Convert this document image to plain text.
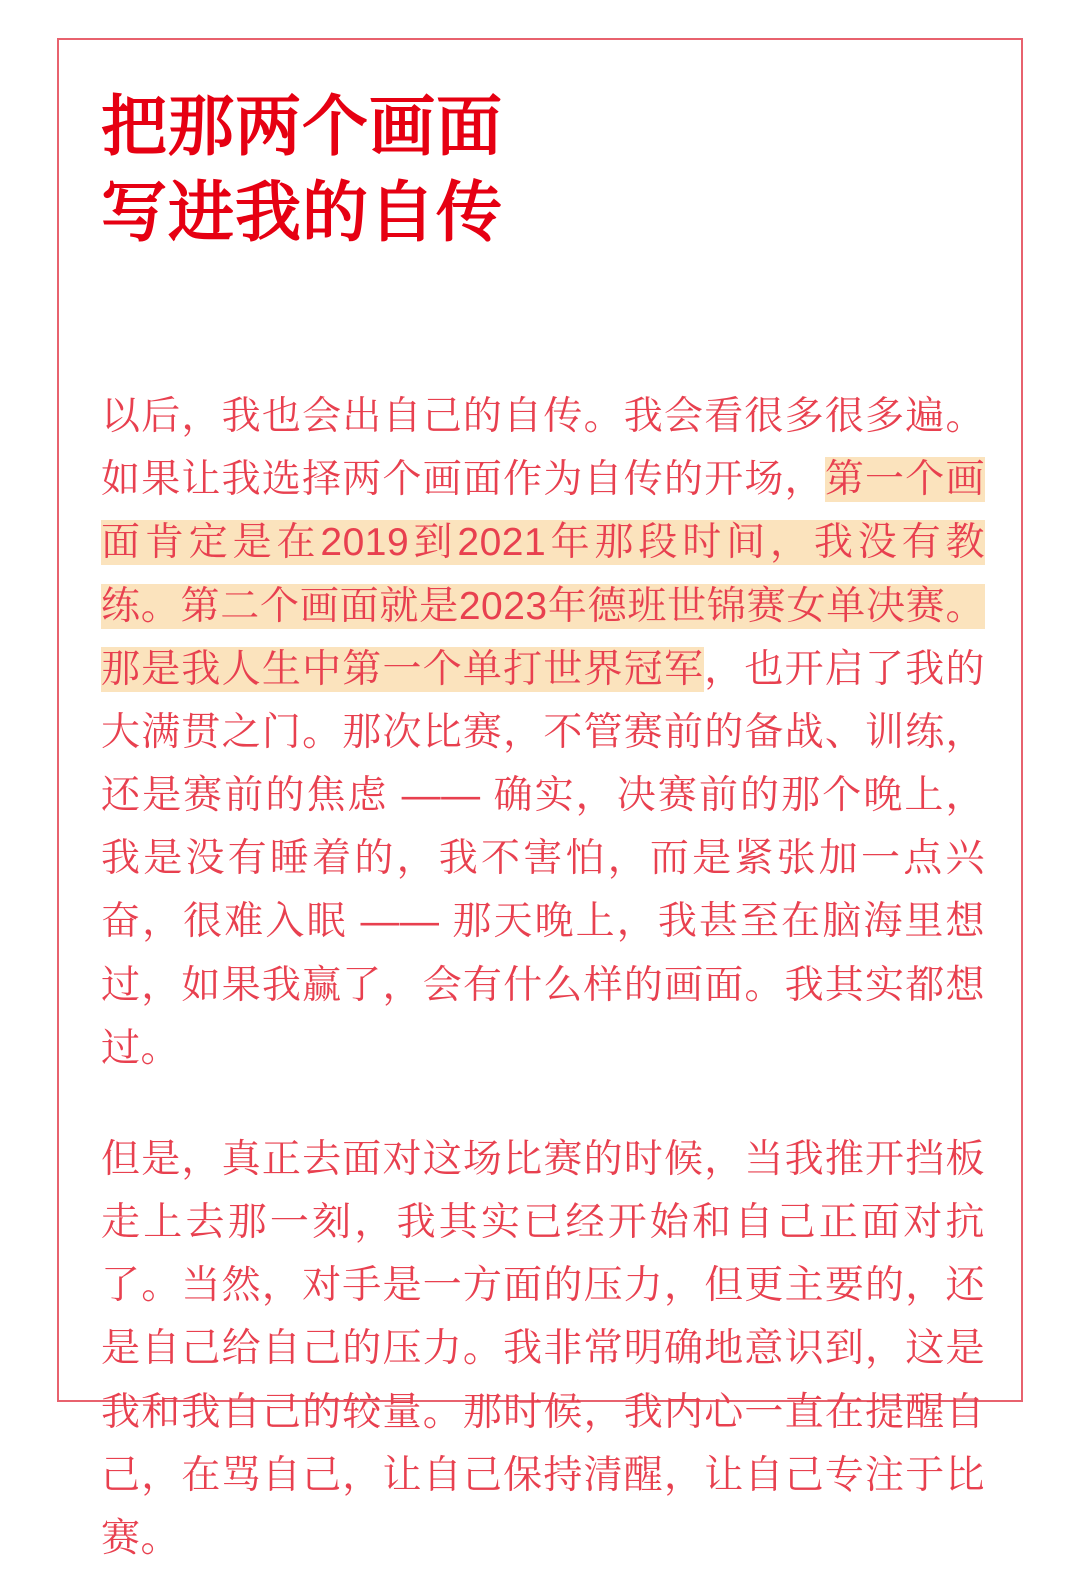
把那两个画面
写进我的自传

以后，我也会出自己的自传。我会看很多很多遍。如果让我选择两个画面作为自传的开场，第一个画面肯定是在2019到2021年那段时间，我没有教练。第二个画面就是2023年德班世锦赛女单决赛。那是我人生中第一个单打世界冠军，也开启了我的大满贯之门。那次比赛，不管赛前的备战、训练，还是赛前的焦虑 —— 确实，决赛前的那个晚上，我是没有睡着的，我不害怕，而是紧张加一点兴奋，很难入眠 —— 那天晚上，我甚至在脑海里想过，如果我赢了，会有什么样的画面。我其实都想过。

但是，真正去面对这场比赛的时候，当我推开挡板走上去那一刻，我其实已经开始和自己正面对抗了。当然，对手是一方面的压力，但更主要的，还是自己给自己的压力。我非常明确地意识到，这是我和我自己的较量。那时候，我内心一直在提醒自己，在骂自己，让自己保持清醒，让自己专注于比赛。
